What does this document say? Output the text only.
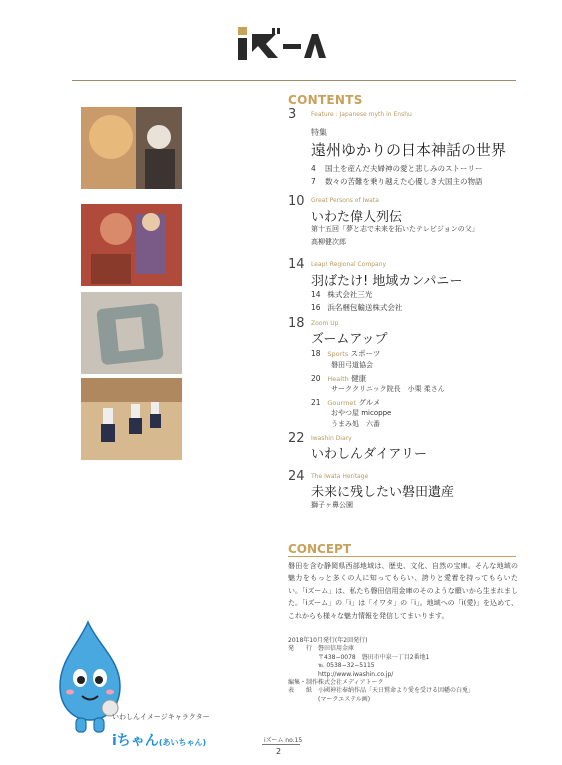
CONTENTS
3 Feature : Japanese myth in Enshu
特集
遠州ゆかりの日本神話の世界
4 国土を産んだ夫婦神の愛と悲しみのストーリー
7 数々の苦難を乗り越えた心優しき大国主の物語
10 Great Persons of Iwata
いわた偉人列伝
第十五回「夢と志で未来を拓いたテレビジョンの父」
高柳健次郎
14 Leap! Regional Company
羽ばたけ! 地域カンパニー
14 株式会社三光
16 浜名梱包輸送株式会社
18 Zoom Up
ズームアップ
18 Sports スポーツ
磐田弓道協会
20 Health 健康
サーククリニック院長　小栗 柔さん
21 Gourmet グルメ
おやつ屋 micoppe
うまみ処　六番
22 Iwashin Diary
いわしんダイアリー
24 The Iwata Heritage
未来に残したい磐田遺産
獅子ヶ鼻公園
CONCEPT
磐田を含む静岡県西部地域は、歴史、文化、自然の宝庫。そんな地域の魅力をもっと多くの人に知ってもらい、誇りと愛着を持ってもらいたい。「iズーム」は、私たち磐田信用金庫のそのような願いから生まれました。「iズーム」の「i」は「イワタ」の「i」。地域への「i(愛)」を込めて、これからも様々な魅力情報を発信してまいります。
2018年10月発行(年2回発行)
発　　行 磐田信用金庫
〒438−0078　磐田市中泉一丁目2番地1
℡ 0538−32−5115
http://www.iwashin.co.jp/
編集・制作株式会社メディアトーク
表　　紙 小國神社奉納作品「天日鷲命より愛を受ける因幡の白兎」
(マークエステル画)
いわしんイメージキャラクター
iちゃん(あいちゃん)	iズーム no.15
2
